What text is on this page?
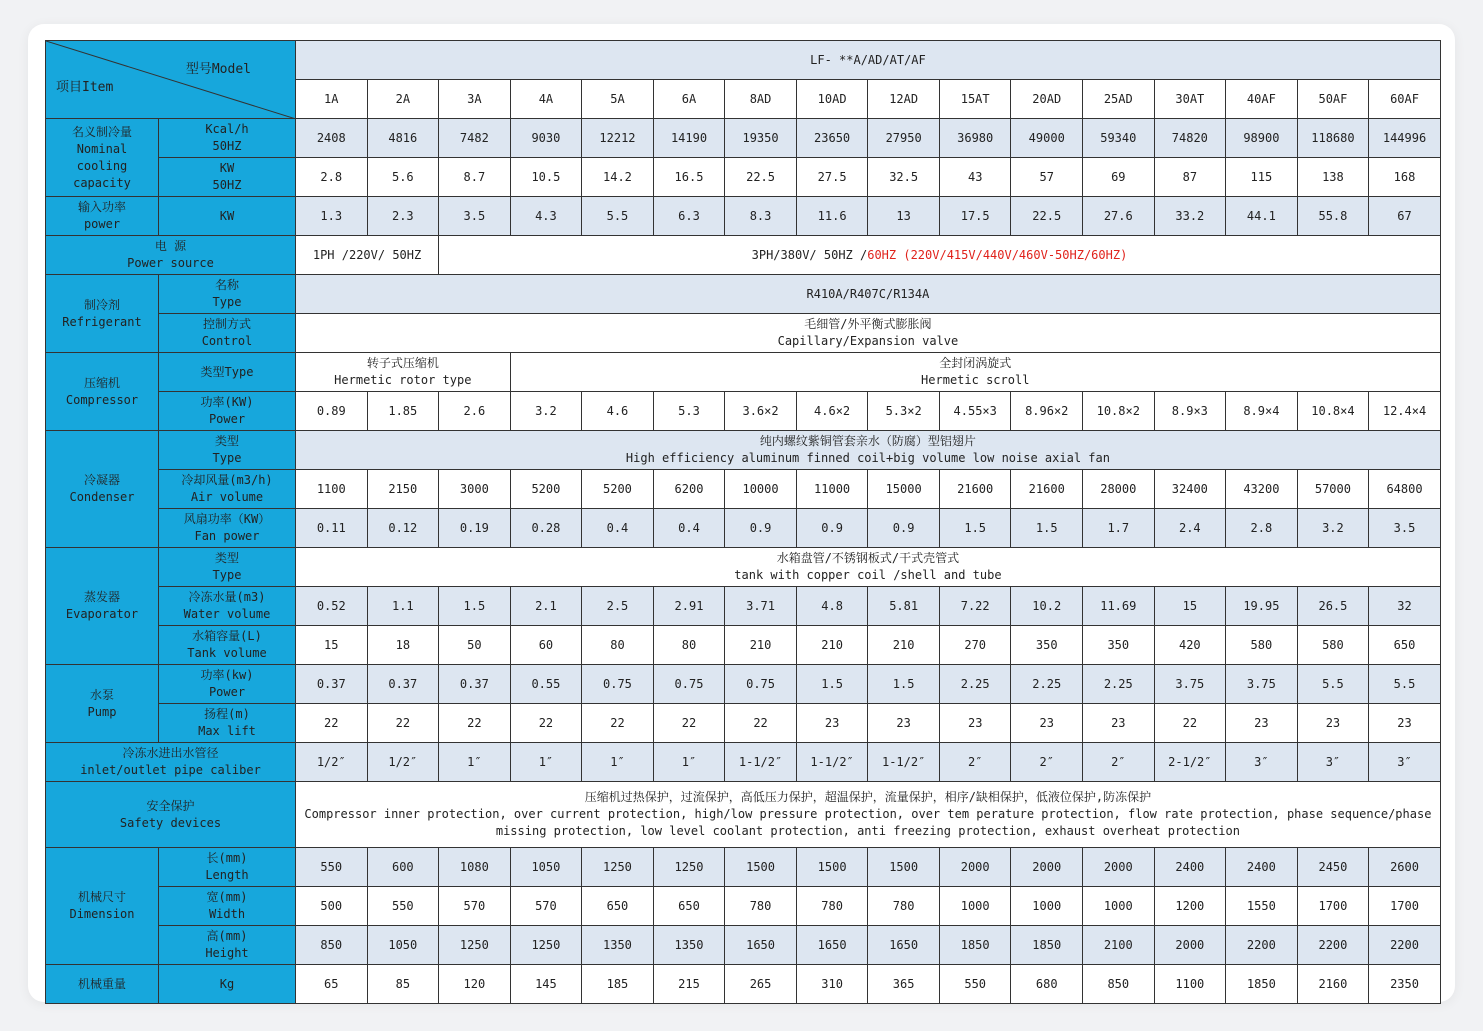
型号Model
项目Item		LF- **A/AD/AT/AF															
		1A	2A	3A	4A	5A	6A	8AD	10AD	12AD	15AT	20AD	25AD	30AT	40AF	50AF	60AF

名义制冷量
Nominal
cooling
capacity	Kcal/h
50HZ	2408	4816	7482	9030	12212	14190	19350	23650	27950	36980	49000	59340	74820	98900	118680	144996

	KW
50HZ	2.8	5.6	8.7	10.5	14.2	16.5	22.5	27.5	32.5	43	57	69	87	115	138	168

输入功率
power	KW	1.3	2.3	3.5	4.3	5.5	6.3	8.3	11.6	13	17.5	22.5	27.6	33.2	44.1	55.8	67

电 源
Power source		1PH /220V/ 50HZ		3PH/380V/ 50HZ /60HZ (220V/415V/440V/460V-50HZ/60HZ)													

制冷剂
Refrigerant	名称
Type	R410A/R407C/R134A															

	控制方式
Control	毛细管/外平衡式膨胀阀
Capillary/Expansion valve															

压缩机
Compressor	类型Type	转子式压缩机
Hermetic rotor type			全封闭涡旋式
Hermetic scroll												

	功率(KW)
Power	0.89	1.85	2.6	3.2	4.6	5.3	3.6×2	4.6×2	5.3×2	4.55×3	8.96×2	10.8×2	8.9×3	8.9×4	10.8×4	12.4×4

冷凝器
Condenser	类型
Type	纯内螺纹紫铜管套亲水（防腐）型铝翅片
High efficiency aluminum finned coil+big volume low noise axial fan															

	冷却风量(m3/h)
Air volume	1100	2150	3000	5200	5200	6200	10000	11000	15000	21600	21600	28000	32400	43200	57000	64800

	风扇功率（KW）
Fan power	0.11	0.12	0.19	0.28	0.4	0.4	0.9	0.9	0.9	1.5	1.5	1.7	2.4	2.8	3.2	3.5

蒸发器
Evaporator	类型
Type	水箱盘管/不锈钢板式/干式壳管式
tank with copper coil /shell and tube															

	冷冻水量(m3)
Water volume	0.52	1.1	1.5	2.1	2.5	2.91	3.71	4.8	5.81	7.22	10.2	11.69	15	19.95	26.5	32

	水箱容量(L)
Tank volume	15	18	50	60	80	80	210	210	210	270	350	350	420	580	580	650

水泵
Pump	功率(kw)
Power	0.37	0.37	0.37	0.55	0.75	0.75	0.75	1.5	1.5	2.25	2.25	2.25	3.75	3.75	5.5	5.5

	扬程(m)
Max lift	22	22	22	22	22	22	22	23	23	23	23	23	22	23	23	23

冷冻水进出水管径
inlet/outlet pipe caliber		1/2″	1/2″	1″	1″	1″	1″	1-1/2″	1-1/2″	1-1/2″	2″	2″	2″	2-1/2″	3″	3″	3″

安全保护
Safety devices		压缩机过热保护，过流保护，高低压力保护，超温保护，流量保护，相序/缺相保护，低液位保护,防冻保护
Compressor inner protection, over current protection, high/low pressure protection, over tem perature protection, flow rate protection, phase sequence/phase missing protection, low level coolant protection, anti freezing protection, exhaust overheat protection															

机械尺寸
Dimension	长(mm)
Length	550	600	1080	1050	1250	1250	1500	1500	1500	2000	2000	2000	2400	2400	2450	2600

	宽(mm)
Width	500	550	570	570	650	650	780	780	780	1000	1000	1000	1200	1550	1700	1700

	高(mm)
Height	850	1050	1250	1250	1350	1350	1650	1650	1650	1850	1850	2100	2000	2200	2200	2200

机械重量	Kg	65	85	120	145	185	215	265	310	365	550	680	850	1100	1850	2160	2350
